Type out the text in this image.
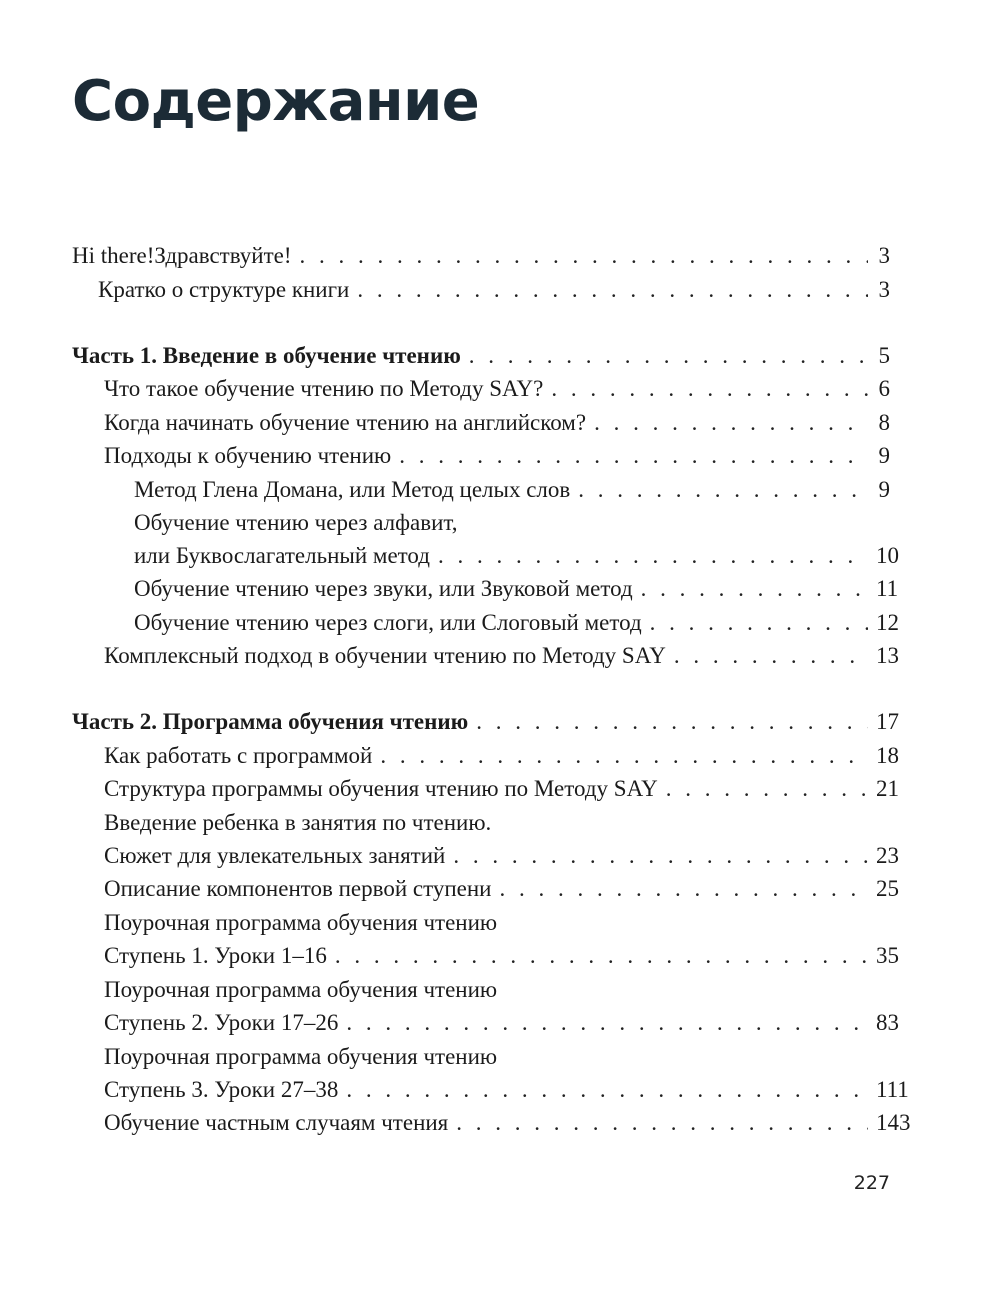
Содержание
Hi there!Здравствуйте! . . .	3
Кратко о структуре книги . . .	3
Часть 1. Введение в обучение чтению . . .	5
Что такое обучение чтению по Методу SAY? . . .	6
Когда начинать обучение чтению на английском? . . .	8
Подходы к обучению чтению . . .	9
Метод Глена Домана, или Метод целых слов . . .	9
Обучение чтению через алфавит,
или Буквослагательный метод . . .	10
Обучение чтению через звуки, или Звуковой метод . . .	11
Обучение чтению через слоги, или Слоговый метод . . .	12
Комплексный подход в обучении чтению по Методу SAY . . .	13
Часть 2. Программа обучения чтению . . .	17
Как работать с программой . . .	18
Структура программы обучения чтению по Методу SAY . . .	21
Введение ребенка в занятия по чтению.
Сюжет для увлекательных занятий . . .	23
Описание компонентов первой ступени . . .	25
Поурочная программа обучения чтению
Ступень 1. Уроки 1–16 . . .	35
Поурочная программа обучения чтению
Ступень 2. Уроки 17–26 . . .	83
Поурочная программа обучения чтению
Ступень 3. Уроки 27–38 . . .	111
Обучение частным случаям чтения . . .	143
227
